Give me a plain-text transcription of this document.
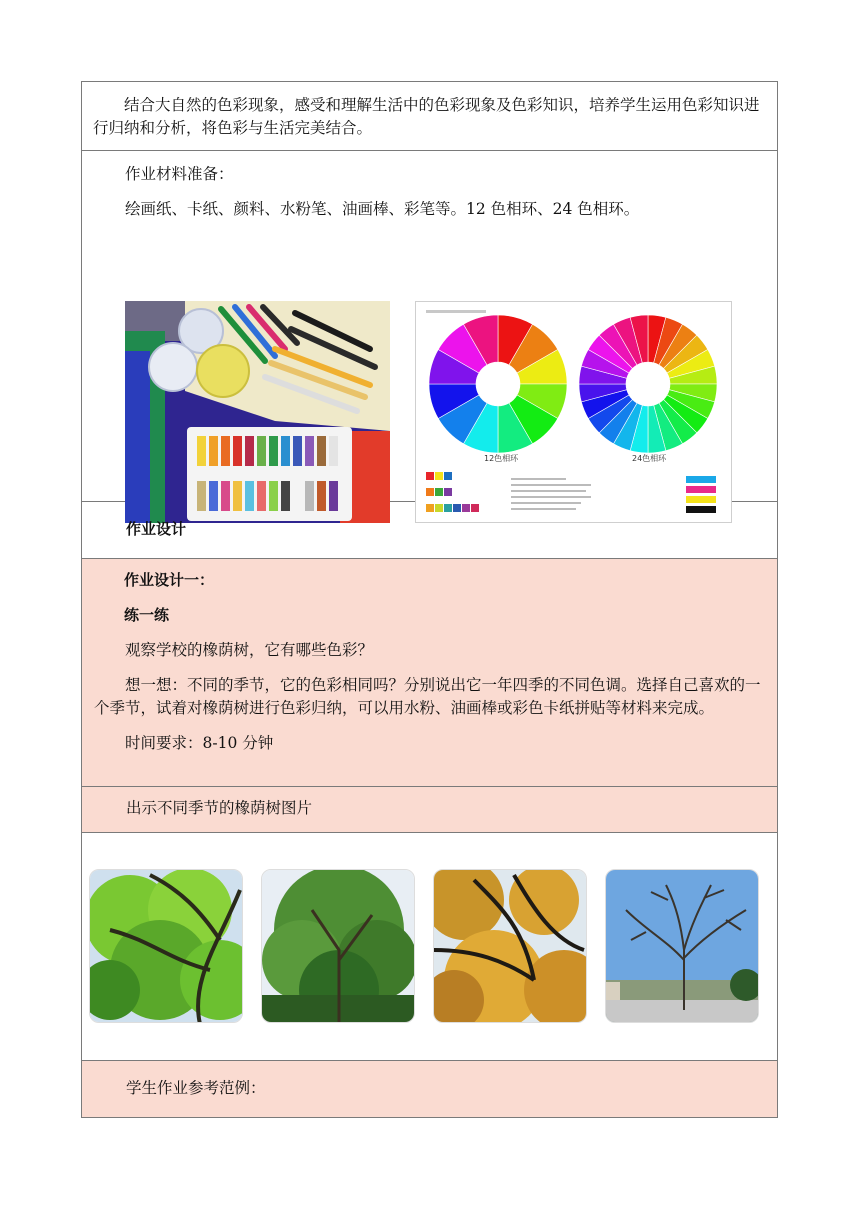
结合大自然的色彩现象，感受和理解生活中的色彩现象及色彩知识，培养学生运用色彩知识进行归纳和分析，将色彩与生活完美结合。

作业材料准备：

绘画纸、卡纸、颜料、水粉笔、油画棒、彩笔等。12 色相环、24 色相环。

12色相环	24色相环

作业设计

作业设计一：

练一练

观察学校的橡荫树，它有哪些色彩？

想一想：不同的季节，它的色彩相同吗？分别说出它一年四季的不同色调。选择自己喜欢的一个季节，试着对橡荫树进行色彩归纳，可以用水粉、油画棒或彩色卡纸拼贴等材料来完成。

时间要求：8-10 分钟

出示不同季节的橡荫树图片

学生作业参考范例：
